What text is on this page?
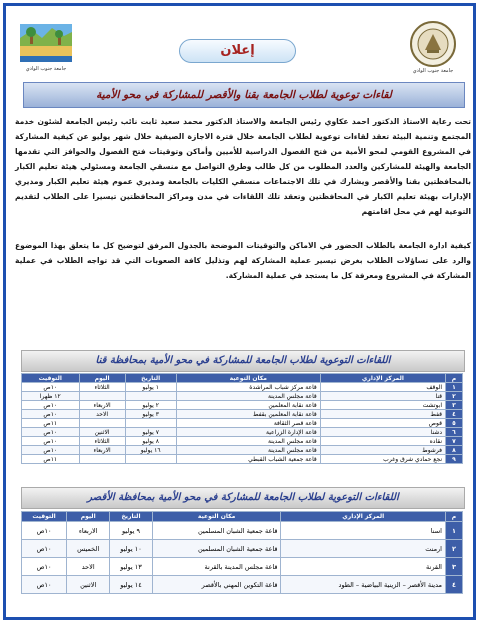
جامعة جنوب الوادي	جامعة جنوب الوادي
إعلان
لقاءات توعوية لطلاب الجامعة بقنا والأقصر للمشاركة في محو الأمية
تحت رعاية الاستاذ الدكتور احمد عكاوي رئيس الجامعة والاستاذ الدكتور محمد سعيد ثابت نائب رئيس الجامعة لشئون خدمة المجتمع وتنمية البيئة تعقد لقاءات توعوية لطلاب الجامعة خلال فترة الاجازة الصيفية خلال شهر يوليو عن كيفية المشاركة في المشروع القومي لمحو الأمية من فتح الفصول الدراسية للأميين وأماكن وتوقيتات فتح الفصول والحوافز التي تقدمها الجامعة والهيئة للمشاركين والعدد المطلوب من كل طالب وطرق التواصل مع منسقي الجامعة ومسئولي هيئة تعليم الكبار بالمحافظتين بقنا والأقصر ويشارك في تلك الاجتماعات منسقي الكليات بالجامعة ومديري عموم هيئة تعليم الكبار ومديري الإدارات بهيئة تعليم الكبار في المحافظتين وتعقد تلك اللقاءات في مدن ومراكز المحافظتين تيسيرا على الطلاب لتقديم التوعية لهم في محل اقامتهم
كيفية ادارة الجامعة بالطلاب الحضور في الاماكن والتوقيتات الموضحة بالجدول المرفق لتوضيح كل ما يتعلق بهذا الموضوع والرد على تساؤلات الطلاب بغرض تيسير عملية المشاركة لهم وتذليل كافة الصعوبات التي قد تواجه الطلاب في عملية المشاركة في المشروع ومعرفة كل ما يستجد في عملية المشاركة.
اللقاءات التوعوية لطلاب الجامعة للمشاركة في محو الأمية بمحافظة قنا
م	المركز الإداري	مكان التوعية	التاريخ	اليوم	التوقيت
١	الوقف	قاعة مركز شباب المراشدة	١ يوليو	الثلاثاء	١٠ص
٢	قنا	قاعة مجلس المدينة			١٢ ظهرا
٣	ابوتشت	قاعة نقابة المعلمين	٢ يوليو	الاربعاء	١٠ص
٤	قفط	قاعة نقابة المعلمين بقفط	٣ يوليو	الاحد	١٠ص
٥	قوص	قاعة قصر الثقافة			١١ص
٦	دشنا	قاعة الإدارة الزراعية	٧ يوليو	الاثنين	١٠ص
٧	نقاده	قاعة مجلس المدينة	٨ يوليو	الثلاثاء	١٠ص
٨	فرشوط	قاعة مجلس المدينة	١٦ يوليو	الاربعاء	١٠ص
٩	نجع حمادي شرق وغرب	قاعة جمعية الشباب القبطي			١١ص
اللقاءات التوعوية لطلاب الجامعة للمشاركة في محو الأمية بمحافظة الأقصر
م	المركز الإداري	مكان التوعية	التاريخ	اليوم	التوقيت
١	اسنا	قاعة جمعية الشبان المسلمين	٩ يوليو	الاربعاء	١٠ص
٢	ارمنت	قاعة جمعية الشبان المسلمين	١٠ يوليو	الخميس	١٠ص
٣	القرنة	قاعة مجلس المدينة بالقرنة	١٣ يوليو	الاحد	١٠ص
٤	مدينة الأقصر – الزينية البياضية – الطود	قاعة التكوين المهني بالأقصر	١٤ يوليو	الاثنين	١٠ص
